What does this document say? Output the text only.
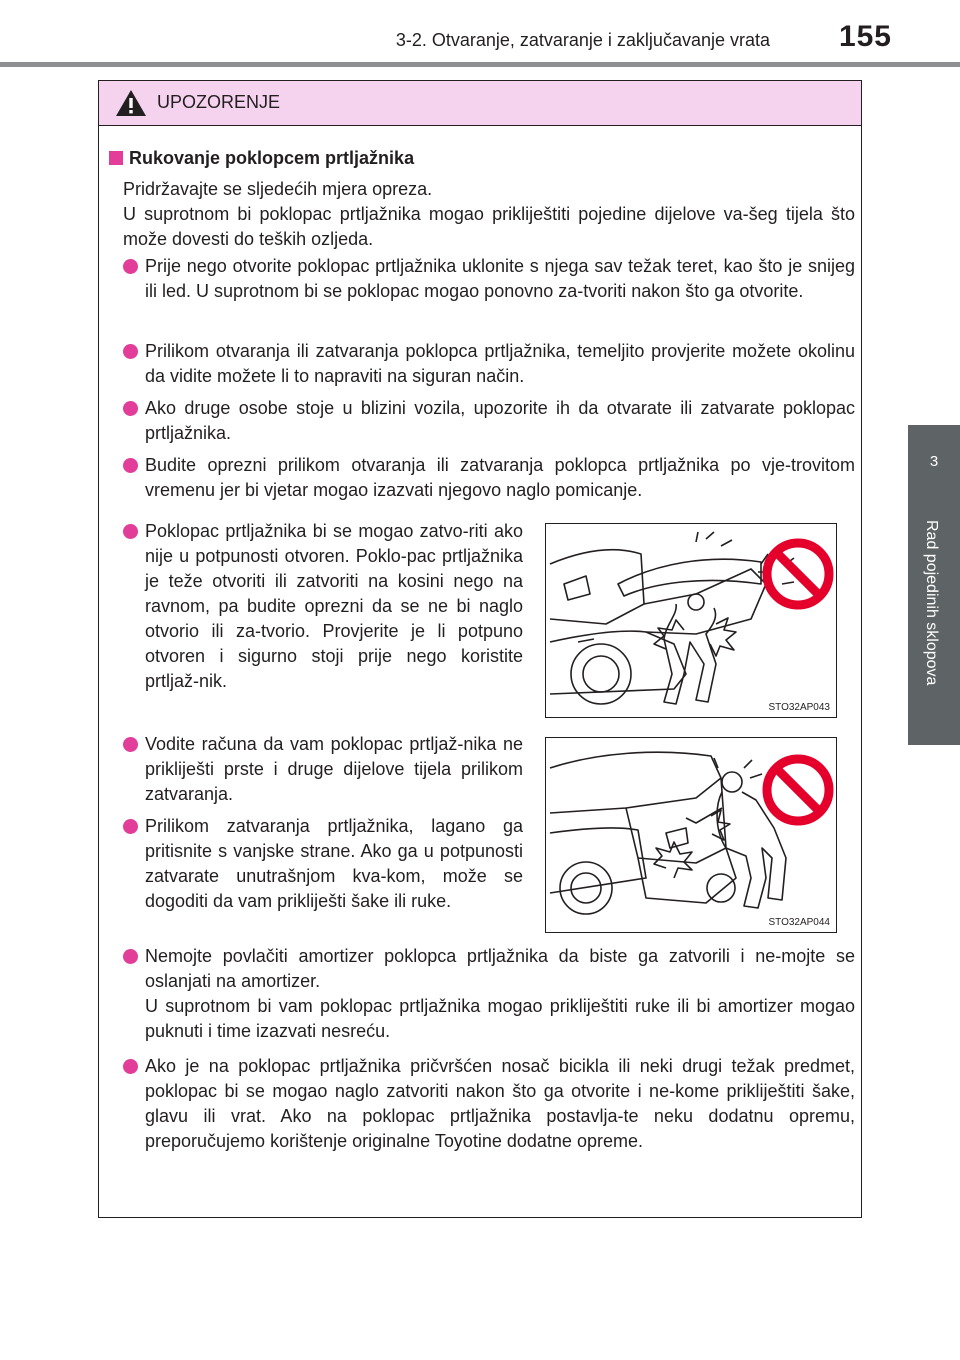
3-2. Otvaranje, zatvaranje i zaključavanje vrata 155
3
Rad pojedinih sklopova
UPOZORENJE
Rukovanje poklopcem prtljažnika
Pridržavajte se sljedećih mjera opreza.
U suprotnom bi poklopac prtljažnika mogao prikliještiti pojedine dijelove va-šeg tijela što može dovesti do teških ozljeda.
Prije nego otvorite poklopac prtljažnika uklonite s njega sav težak teret, kao što je snijeg ili led. U suprotnom bi se poklopac mogao ponovno za-tvoriti nakon što ga otvorite.
Prilikom otvaranja ili zatvaranja poklopca prtljažnika, temeljito provjerite možete okolinu da vidite možete li to napraviti na siguran način.
Ako druge osobe stoje u blizini vozila, upozorite ih da otvarate ili zatvarate poklopac prtljažnika.
Budite oprezni prilikom otvaranja ili zatvaranja poklopca prtljažnika po vje-trovitom vremenu jer bi vjetar mogao izazvati njegovo naglo pomicanje.
Poklopac prtljažnika bi se mogao zatvo-riti ako nije u potpunosti otvoren. Poklo-pac prtljažnika je teže otvoriti ili zatvoriti na kosini nego na ravnom, pa budite oprezni da se ne bi naglo otvorio ili za-tvorio. Provjerite je li potpuno otvoren i sigurno stoji prije nego koristite prtljaž-nik.
STO32AP043
Vodite računa da vam poklopac prtljaž-nika ne prikliješti prste i druge dijelove tijela prilikom zatvaranja.
Prilikom zatvaranja prtljažnika, lagano ga pritisnite s vanjske strane. Ako ga u potpunosti zatvarate unutrašnjom kva-kom, može se dogoditi da vam prikliješti šake ili ruke.
STO32AP044
Nemojte povlačiti amortizer poklopca prtljažnika da biste ga zatvorili i ne-mojte se oslanjati na amortizer.
U suprotnom bi vam poklopac prtljažnika mogao prikliještiti ruke ili bi amortizer mogao puknuti i time izazvati nesreću.
Ako je na poklopac prtljažnika pričvršćen nosač bicikla ili neki drugi težak predmet, poklopac bi se mogao naglo zatvoriti nakon što ga otvorite i ne-kome prikliještiti šake, glavu ili vrat. Ako na poklopac prtljažnika postavlja-te neku dodatnu opremu, preporučujemo korištenje originalne Toyotine dodatne opreme.
